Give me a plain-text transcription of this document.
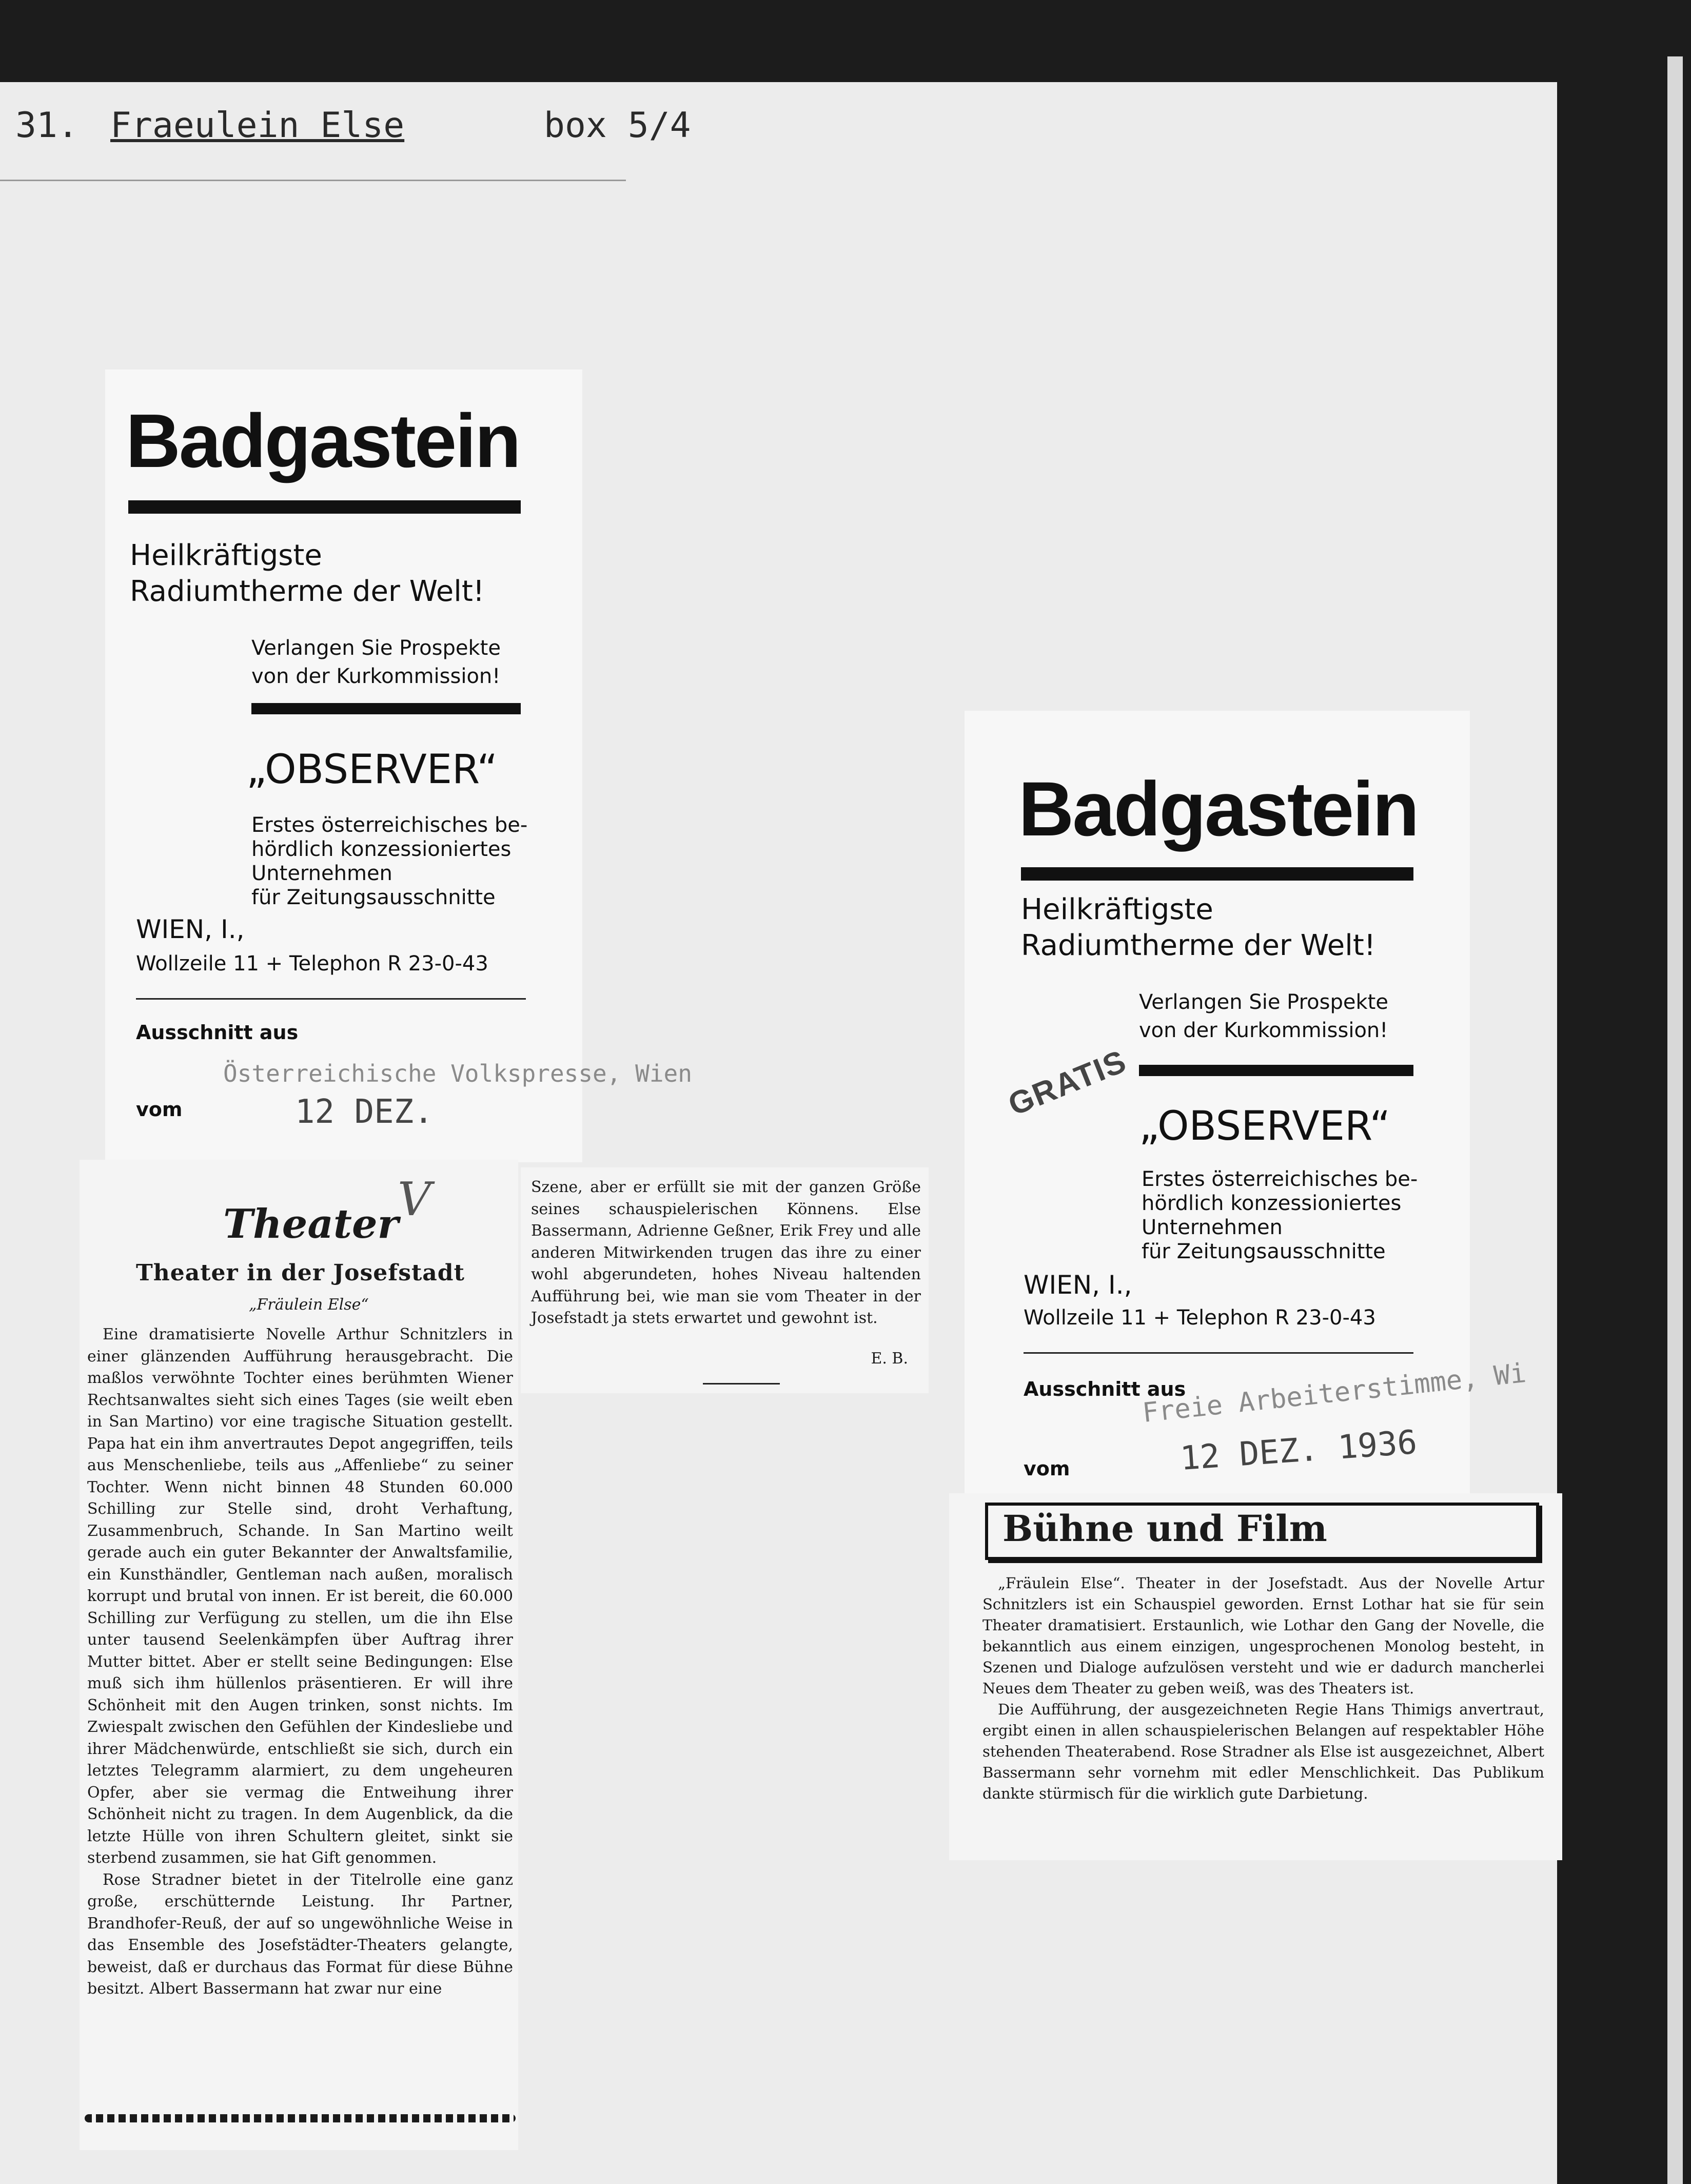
31. Fraeulein Else	box 5/4
Badgastein
Heilkräftigste
Radiumtherme der Welt!
Verlangen Sie Prospekte
von der Kurkommission!
„OBSERVER“
Erstes österreichisches be-
hördlich konzessioniertes
Unternehmen
für Zeitungsausschnitte
WIEN, I.,
Wollzeile 11 + Telephon R 23-0-43
Ausschnitt aus
Österreichische Volkspresse, Wien
vom	12 DEZ.
Badgastein
Heilkräftigste
Radiumtherme der Welt!
Verlangen Sie Prospekte
von der Kurkommission!
GRATIS
„OBSERVER“
Erstes österreichisches be-
hördlich konzessioniertes
Unternehmen
für Zeitungsausschnitte
WIEN, I.,
Wollzeile 11 + Telephon R 23-0-43
Ausschnitt aus
Freie Arbeiterstimme, Wi
vom	12 DEZ. 1936
Theater
V
Theater in der Josefstadt
„Fräulein Else“

Eine dramatisierte Novelle Arthur Schnitzlers in einer glänzenden Aufführung herausgebracht. Die maßlos verwöhnte Tochter eines berühmten Wiener Rechtsanwaltes sieht sich eines Tages (sie weilt eben in San Martino) vor eine tragische Situation gestellt. Papa hat ein ihm anvertrautes Depot angegriffen, teils aus Menschenliebe, teils aus „Affenliebe“ zu seiner Tochter. Wenn nicht binnen 48 Stunden 60.000 Schilling zur Stelle sind, droht Verhaftung, Zusammenbruch, Schande. In San Martino weilt gerade auch ein guter Bekannter der Anwaltsfamilie, ein Kunsthändler, Gentleman nach außen, moralisch korrupt und brutal von innen. Er ist bereit, die 60.000 Schilling zur Verfügung zu stellen, um die ihn Else unter tausend Seelenkämpfen über Auftrag ihrer Mutter bittet. Aber er stellt seine Bedingungen: Else muß sich ihm hüllenlos präsentieren. Er will ihre Schönheit mit den Augen trinken, sonst nichts. Im Zwiespalt zwischen den Gefühlen der Kindesliebe und ihrer Mädchenwürde, entschließt sie sich, durch ein letztes Telegramm alarmiert, zu dem ungeheuren Opfer, aber sie vermag die Entweihung ihrer Schönheit nicht zu tragen. In dem Augenblick, da die letzte Hülle von ihren Schultern gleitet, sinkt sie sterbend zusammen, sie hat Gift genommen.

Rose Stradner bietet in der Titelrolle eine ganz große, erschütternde Leistung. Ihr Partner, Brandhofer-Reuß, der auf so ungewöhnliche Weise in das Ensemble des Josefstädter-Theaters gelangte, beweist, daß er durchaus das Format für diese Bühne besitzt. Albert Bassermann hat zwar nur eine

Szene, aber er erfüllt sie mit der ganzen Größe seines schauspielerischen Könnens. Else Bassermann, Adrienne Geßner, Erik Frey und alle anderen Mitwirkenden trugen das ihre zu einer wohl abgerundeten, hohes Niveau haltenden Aufführung bei, wie man sie vom Theater in der Josefstadt ja stets erwartet und gewohnt ist.

E. B.
Bühne und Film

„Fräulein Else“. Theater in der Josefstadt. Aus der Novelle Artur Schnitzlers ist ein Schauspiel geworden. Ernst Lothar hat sie für sein Theater dramatisiert. Erstaunlich, wie Lothar den Gang der Novelle, die bekanntlich aus einem einzigen, ungesprochenen Monolog besteht, in Szenen und Dialoge aufzulösen versteht und wie er dadurch mancherlei Neues dem Theater zu geben weiß, was des Theaters ist.

Die Aufführung, der ausgezeichneten Regie Hans Thimigs anvertraut, ergibt einen in allen schauspielerischen Belangen auf respektabler Höhe stehenden Theaterabend. Rose Stradner als Else ist ausgezeichnet, Albert Bassermann sehr vornehm mit edler Menschlichkeit. Das Publikum dankte stürmisch für die wirklich gute Darbietung.
